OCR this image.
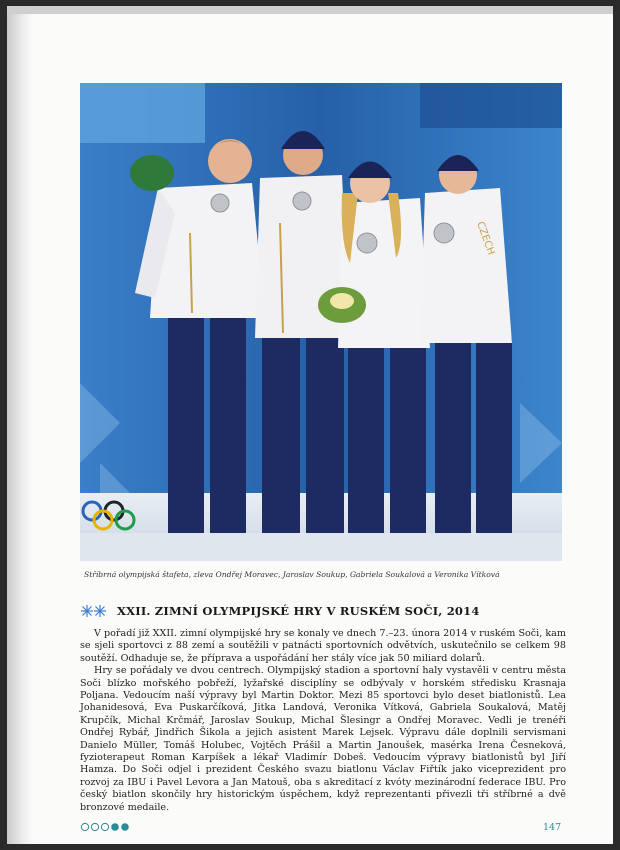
CZECH
Stříbrná olympijská štafeta, zleva Ondřej Moravec, Jaroslav Soukup, Gabriela Soukalová a Veronika Vítková
XXII. ZIMNÍ OLYMPIJSKÉ HRY V RUSKÉM SOČI, 2014

V pořadí již XXII. zimní olympijské hry se konaly ve dnech 7.–23. února 2014 v ruském Soči, kam se sjeli sportovci z 88 zemí a soutěžili v patnácti sportovních odvětvích, uskutečnilo se celkem 98 soutěží. Odhaduje se, že příprava a uspořádání her stály více jak 50 miliard dolarů.

Hry se pořádaly ve dvou centrech. Olympijský stadion a sportovní haly vystavěli v centru města Soči blízko mořského pobřeží, lyžařské disciplíny se odbývaly v horském středisku Krasnaja Poljana. Vedoucím naší výpravy byl Martin Doktor. Mezi 85 sportovci bylo deset biatlonistů. Lea Johanidesová, Eva Puskarčíková, Jitka Landová, Veronika Vítková, Gabriela Soukalová, Matěj Krupčík, Michal Krčmář, Jaroslav Soukup, Michal Šlesingr a Ondřej Moravec. Vedli je trenéři Ondřej Rybář, Jindřich Šikola a jejich asistent Marek Lejsek. Výpravu dále doplnili servismani Danielo Müller, Tomáš Holubec, Vojtěch Prášil a Martin Janoušek, masérka Irena Česneková, fyzioterapeut Roman Karpíšek a lékař Vladimír Dobeš. Vedoucím výpravy biatlonistů byl Jiří Hamza. Do Soči odjel i prezident Českého svazu biatlonu Václav Fiřtík jako viceprezident pro rozvoj za IBU i Pavel Levora a Jan Matouš, oba s akreditací z kvóty mezinárodní federace IBU. Pro český biatlon skončily hry historickým úspěchem, když reprezentanti přivezli tři stříbrné a dvě bronzové medaile.

147
